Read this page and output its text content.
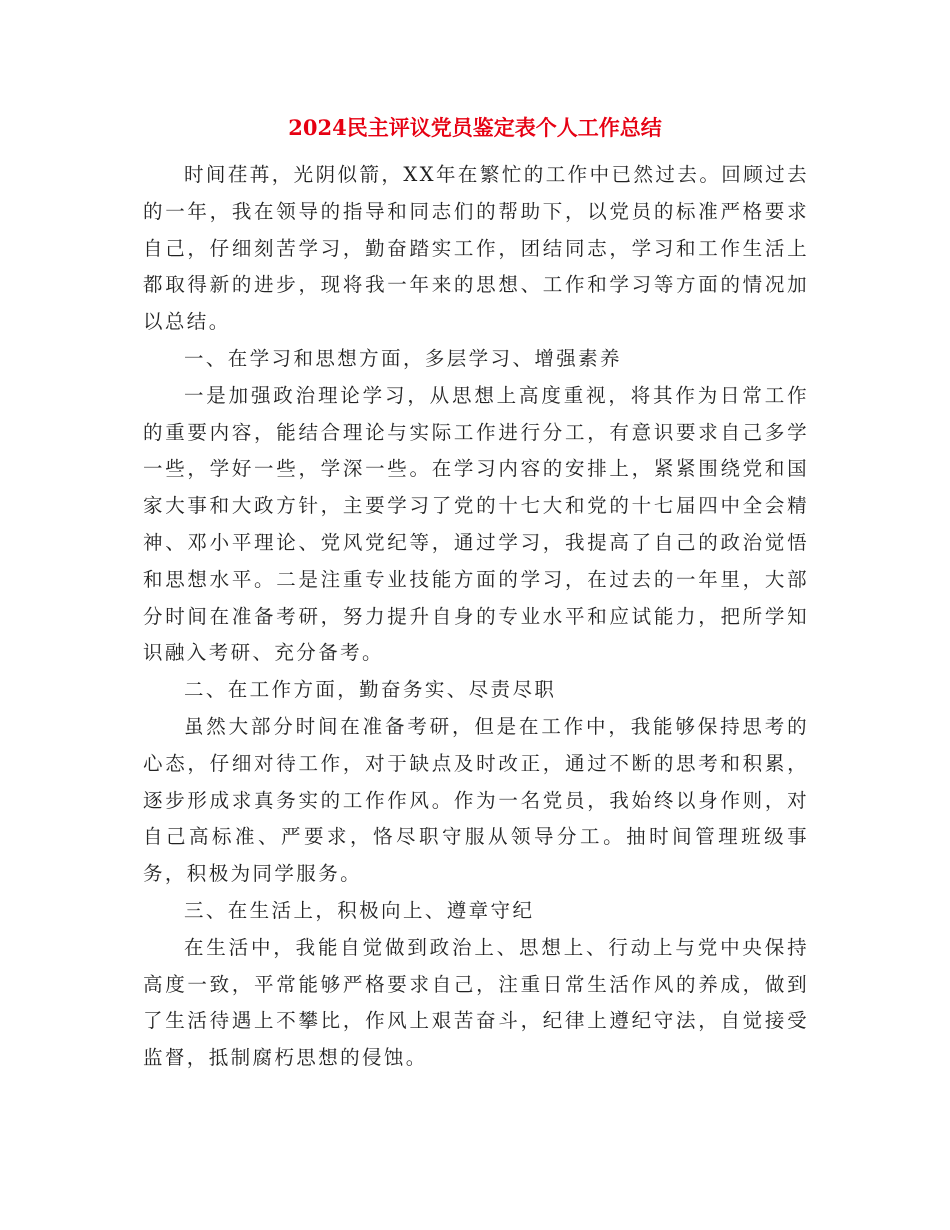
2024民主评议党员鉴定表个人工作总结

时间荏苒，光阴似箭，XX年在繁忙的工作中已然过去。回顾过去的一年，我在领导的指导和同志们的帮助下，以党员的标准严格要求自己，仔细刻苦学习，勤奋踏实工作，团结同志，学习和工作生活上都取得新的进步，现将我一年来的思想、工作和学习等方面的情况加以总结。

一、在学习和思想方面，多层学习、增强素养

一是加强政治理论学习，从思想上高度重视，将其作为日常工作的重要内容，能结合理论与实际工作进行分工，有意识要求自己多学一些，学好一些，学深一些。在学习内容的安排上，紧紧围绕党和国家大事和大政方针，主要学习了党的十七大和党的十七届四中全会精神、邓小平理论、党风党纪等，通过学习，我提高了自己的政治觉悟和思想水平。二是注重专业技能方面的学习，在过去的一年里，大部分时间在准备考研，努力提升自身的专业水平和应试能力，把所学知识融入考研、充分备考。

二、在工作方面，勤奋务实、尽责尽职

虽然大部分时间在准备考研，但是在工作中，我能够保持思考的心态，仔细对待工作，对于缺点及时改正，通过不断的思考和积累，逐步形成求真务实的工作作风。作为一名党员，我始终以身作则，对自己高标准、严要求，恪尽职守服从领导分工。抽时间管理班级事务，积极为同学服务。

三、在生活上，积极向上、遵章守纪

在生活中，我能自觉做到政治上、思想上、行动上与党中央保持高度一致，平常能够严格要求自己，注重日常生活作风的养成，做到了生活待遇上不攀比，作风上艰苦奋斗，纪律上遵纪守法，自觉接受监督，抵制腐朽思想的侵蚀。
